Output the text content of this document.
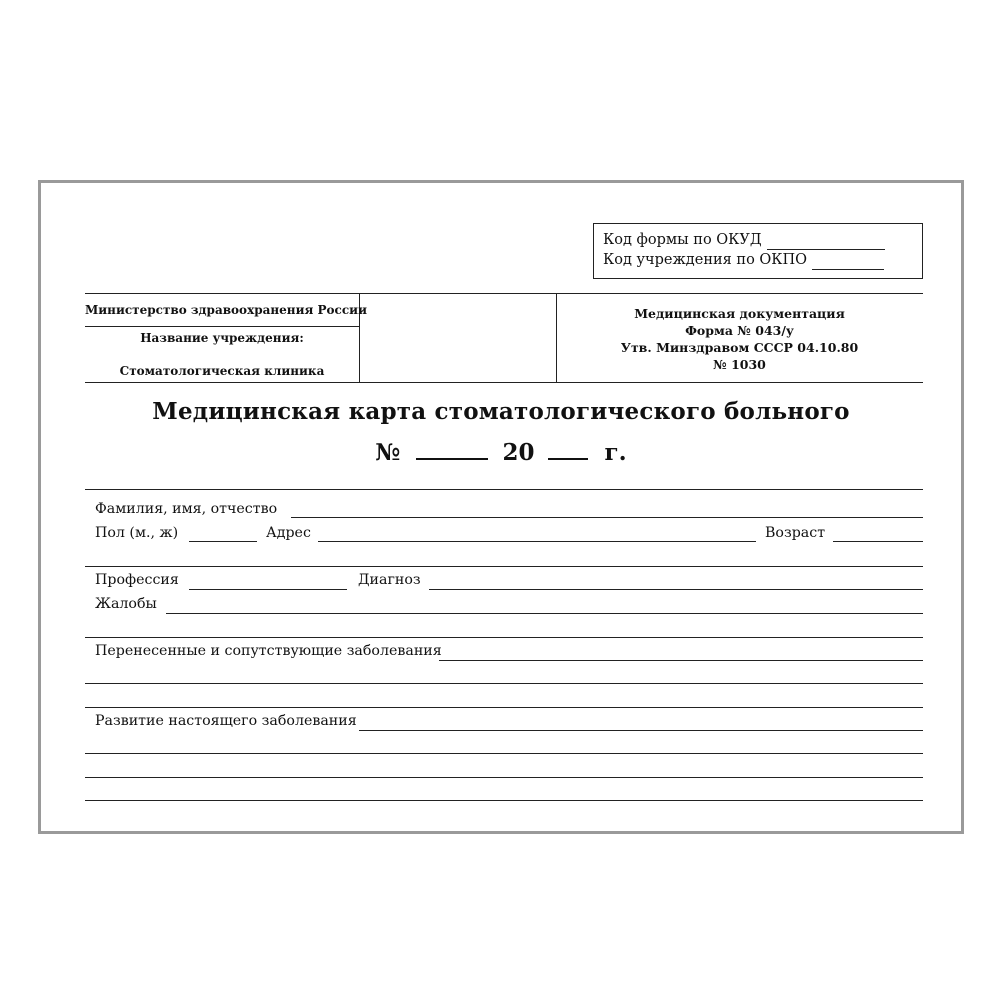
Код формы по ОКУД
Код учреждения по ОКПО
Министерство здравоохранения России
Название учреждения:
Стоматологическая клиника
Медицинская документация
Форма № 043/у
Утв. Минздравом СССР 04.10.80
№ 1030
Медицинская карта стоматологического больного
№	20	г.
Фамилия, имя, отчество
Пол (м., ж)	Адрес	Возраст
Профессия	Диагноз
Жалобы
Перенесенные и сопутствующие заболевания
Развитие настоящего заболевания
